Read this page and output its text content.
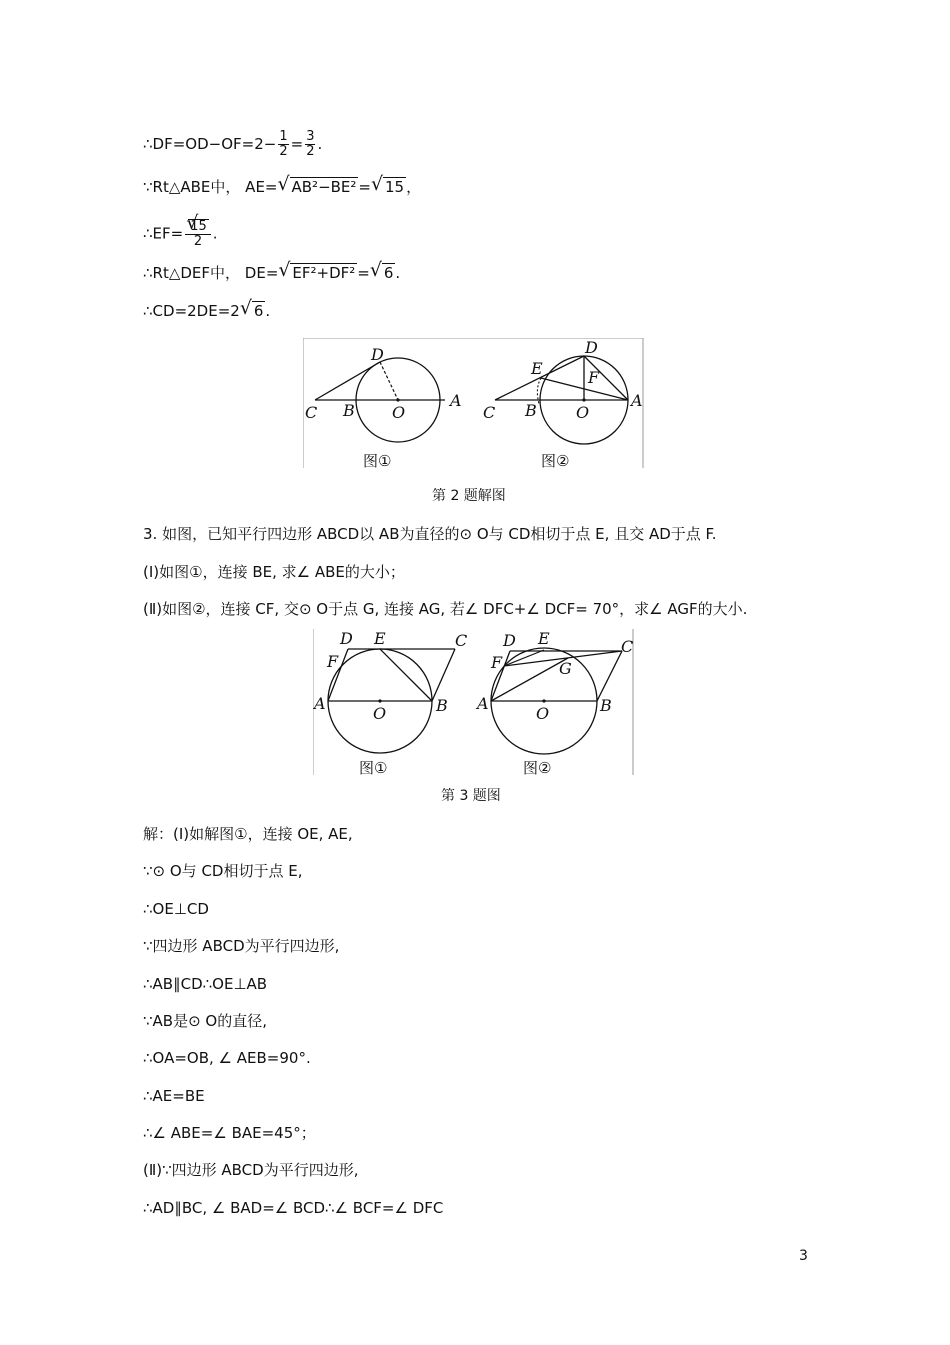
∴DF=OD−OF=2− $\frac{1}{2} = \frac{3}{2}$ .
∵Rt△ABE中， AE= √ AB²−BE² = √ 15 ，
∴EF= √ $\frac{15}{2}$ .
∴Rt△DEF中， DE= √ EF²+DF² = √ 6 .
∴CD=2DE=2 √ 6 .
C B O
A
D
图①
C B O
A
D
E	F
图②
第 2 题解图
3. 如图，已知平行四边形 ABCD以 AB为直径的⊙ O与 CD相切于点 E, 且交 AD于点 F.
(Ⅰ)如图①，连接 BE, 求∠ ABE的大小；
(Ⅱ)如图②，连接 CF, 交⊙ O于点 G, 连接 AG, 若∠ DFC+∠ DCF= 70°，求∠ AGF的大小.
D E	C
F
A
O	B
图①
D E	C
F	G
A
O	B
图②
第 3 题图
解：(Ⅰ)如解图①，连接 OE, AE,
∵⊙ O与 CD相切于点 E,
∴OE⊥CD
∵四边形 ABCD为平行四边形,
∴AB∥CD∴OE⊥AB
∵AB是⊙ O的直径,
∴OA=OB, ∠ AEB=90°.
∴AE=BE
∴∠ ABE=∠ BAE=45°；
(Ⅱ)∵四边形 ABCD为平行四边形,
∴AD∥BC, ∠ BAD=∠ BCD∴∠ BCF=∠ DFC
3
